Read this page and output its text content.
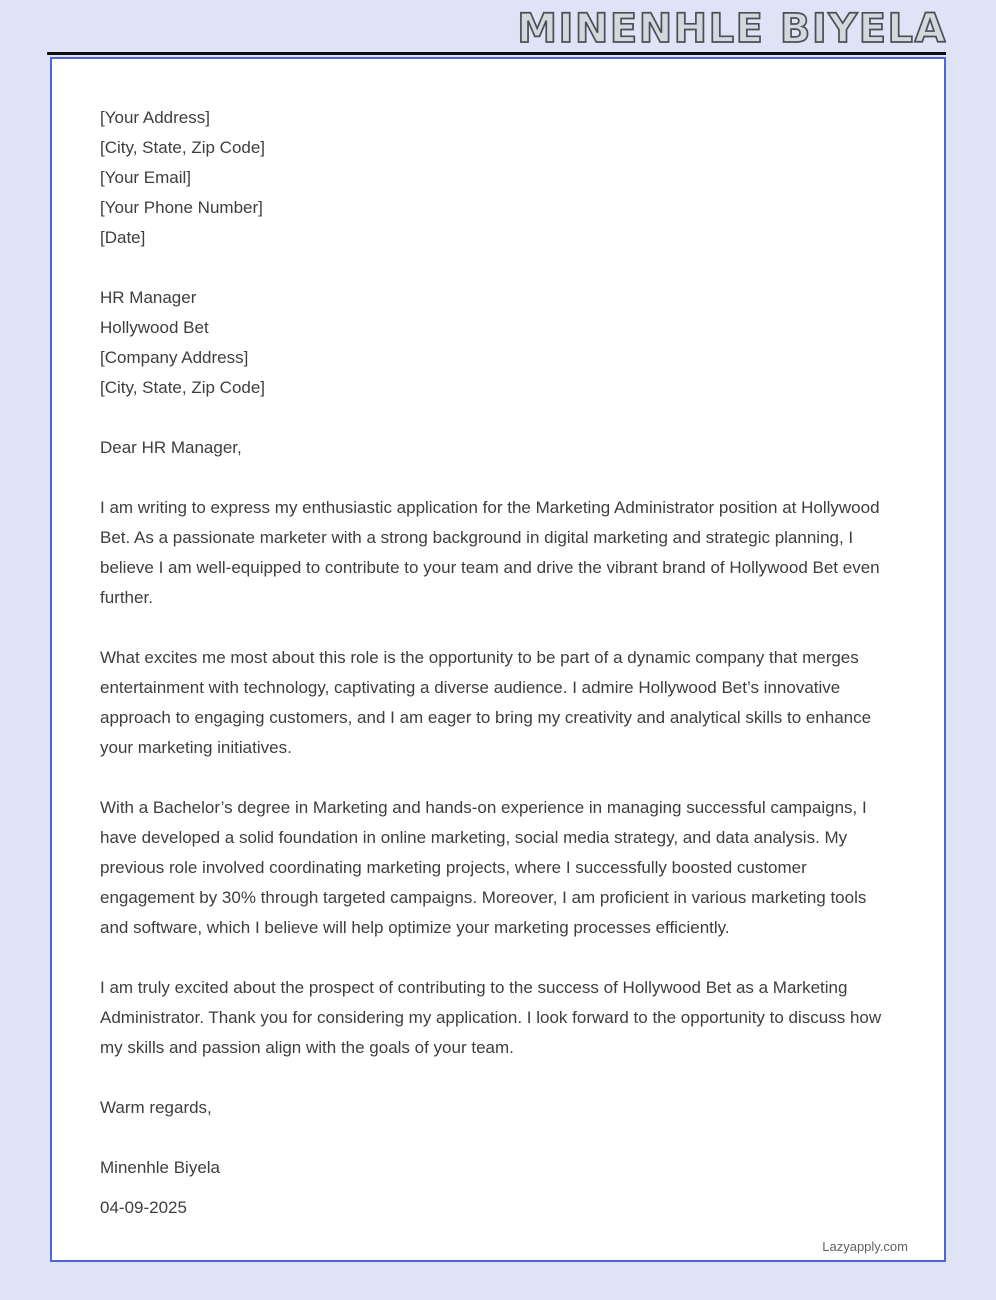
MINENHLE BIYELA

[Your Address]

[City, State, Zip Code]

[Your Email]

[Your Phone Number]

[Date]

HR Manager

Hollywood Bet

[Company Address]

[City, State, Zip Code]

Dear HR Manager,

I am writing to express my enthusiastic application for the Marketing Administrator position at Hollywood Bet. As a passionate marketer with a strong background in digital marketing and strategic planning, I believe I am well-equipped to contribute to your team and drive the vibrant brand of Hollywood Bet even further.

What excites me most about this role is the opportunity to be part of a dynamic company that merges entertainment with technology, captivating a diverse audience. I admire Hollywood Bet’s innovative approach to engaging customers, and I am eager to bring my creativity and analytical skills to enhance your marketing initiatives.

With a Bachelor’s degree in Marketing and hands-on experience in managing successful campaigns, I have developed a solid foundation in online marketing, social media strategy, and data analysis. My previous role involved coordinating marketing projects, where I successfully boosted customer engagement by 30% through targeted campaigns. Moreover, I am proficient in various marketing tools and software, which I believe will help optimize your marketing processes efficiently.

I am truly excited about the prospect of contributing to the success of Hollywood Bet as a Marketing Administrator. Thank you for considering my application. I look forward to the opportunity to discuss how my skills and passion align with the goals of your team.

Warm regards,

Minenhle Biyela

04-09-2025

Lazyapply.com
